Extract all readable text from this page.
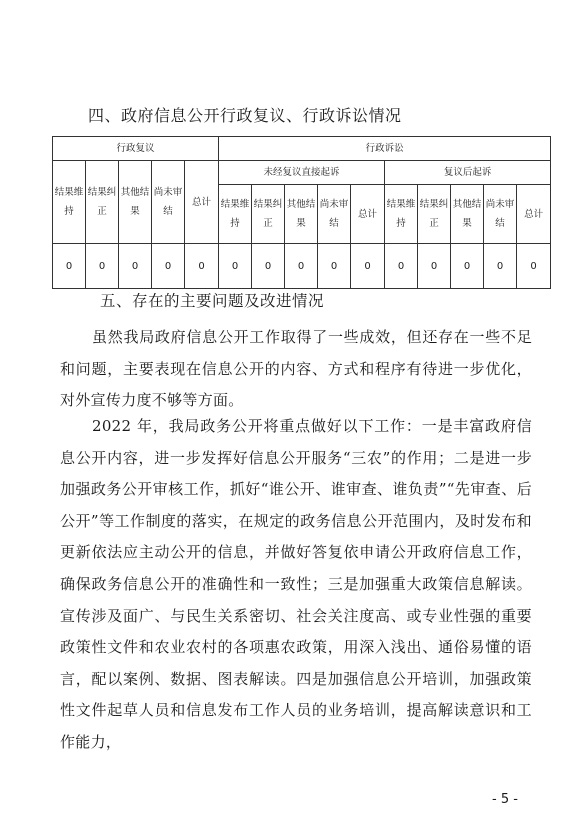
四、政府信息公开行政复议、行政诉讼情况
行政复议					行政诉讼									
结果维持	结果纠正	其他结果	尚未审结	总计	未经复议直接起诉					复议后起诉				
					结果维持	结果纠正	其他结果	尚未审结	总计	结果维持	结果纠正	其他结果	尚未审结	总计
0	0	0	0	0	0	0	0	0	0	0	0	0	0	0
五、存在的主要问题及改进情况

虽然我局政府信息公开工作取得了一些成效，但还存在一些不足和问题，主要表现在信息公开的内容、方式和程序有待进一步优化，对外宣传力度不够等方面。

2022 年，我局政务公开将重点做好以下工作：一是丰富政府信息公开内容，进一步发挥好信息公开服务“三农”的作用；二是进一步加强政务公开审核工作，抓好“谁公开、谁审查、谁负责”“先审查、后公开”等工作制度的落实，在规定的政务信息公开范围内，及时发布和更新依法应主动公开的信息，并做好答复依申请公开政府信息工作，确保政务信息公开的准确性和一致性；三是加强重大政策信息解读。宣传涉及面广、与民生关系密切、社会关注度高、或专业性强的重要政策性文件和农业农村的各项惠农政策，用深入浅出、通俗易懂的语言，配以案例、数据、图表解读。四是加强信息公开培训，加强政策性文件起草人员和信息发布工作人员的业务培训，提高解读意识和工作能力，

- 5 -
